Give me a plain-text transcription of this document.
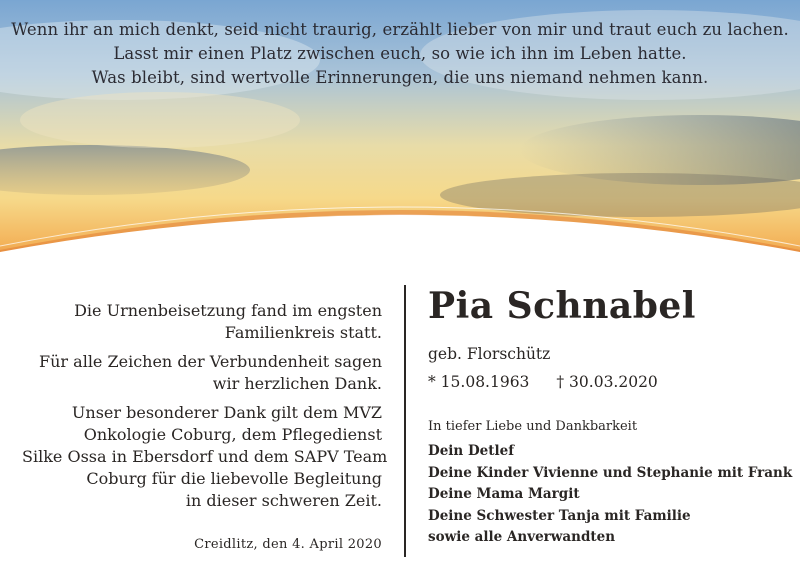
Wenn ihr an mich denkt, seid nicht traurig, erzählt lieber von mir und traut euch zu lachen.
Lasst mir einen Platz zwischen euch, so wie ich ihn im Leben hatte.
Was bleibt, sind wertvolle Erinnerungen, die uns niemand nehmen kann.

Die Urnenbeisetzung fand im engsten
Familienkreis statt.

Für alle Zeichen der Verbundenheit sagen
wir herzlichen Dank.

Unser besonderer Dank gilt dem MVZ
Onkologie Coburg, dem Pflegedienst
Silke Ossa in Ebersdorf und dem SAPV Team
Coburg für die liebevolle Begleitung
in dieser schweren Zeit.

Creidlitz, den 4. April 2020

Pia Schnabel
geb. Florschütz
* 15.08.1963 † 30.03.2020
In tiefer Liebe und Dankbarkeit
Dein Detlef
Deine Kinder Vivienne und Stephanie mit Frank
Deine Mama Margit
Deine Schwester Tanja mit Familie
sowie alle Anverwandten
